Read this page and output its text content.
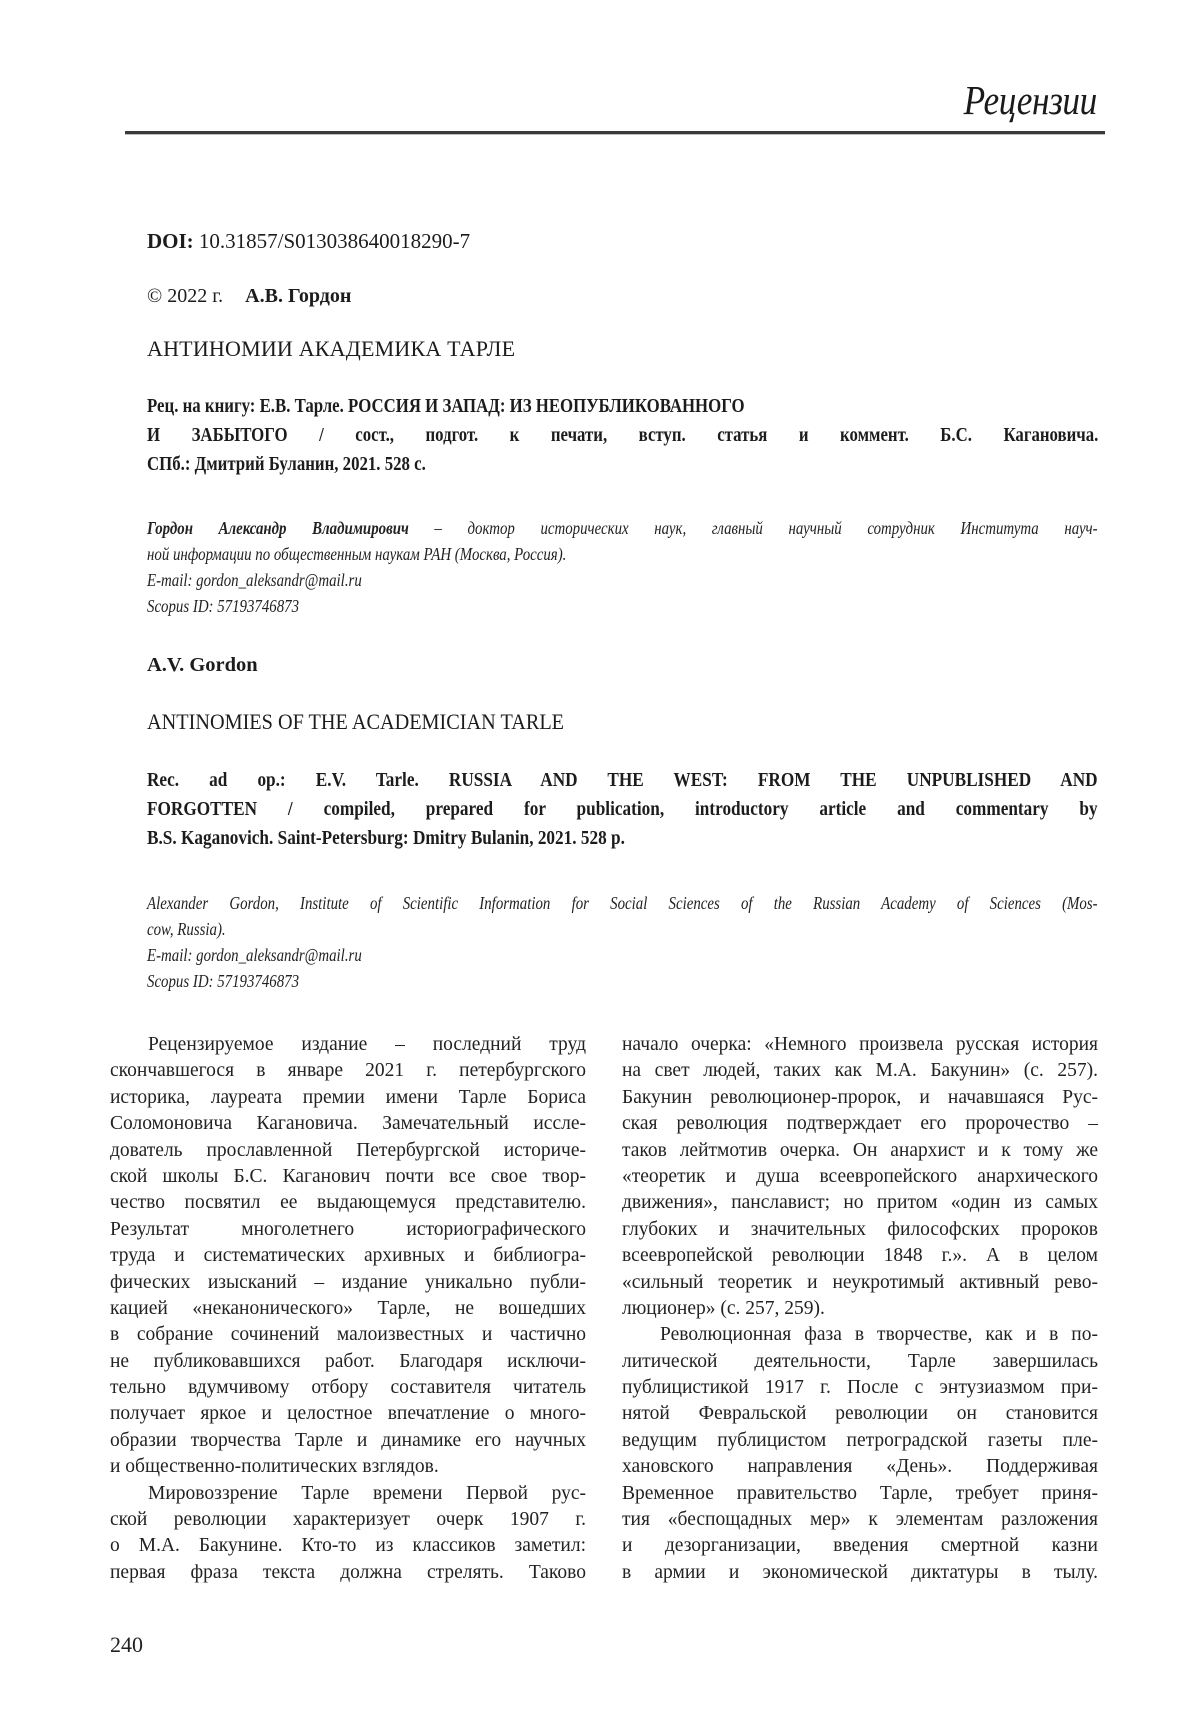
Рецензии
DOI: 10.31857/S013038640018290-7
© 2022 г. А.В. Гордон
АНТИНОМИИ АКАДЕМИКА ТАРЛЕ
Рец. на книгу: Е.В. Тарле. РОССИЯ И ЗАПАД: ИЗ НЕОПУБЛИКОВАННОГО
И ЗАБЫТОГО / сост., подгот. к печати, вступ. статья и коммент. Б.С. Кагановича.
СПб.: Дмитрий Буланин, 2021. 528 с.
Гордон Александр Владимирович – доктор исторических наук, главный научный сотрудник Института науч-
ной информации по общественным наукам РАН (Москва, Россия).
E-mail: gordon_aleksandr@mail.ru
Scopus ID: 57193746873
A.V. Gordon
ANTINOMIES OF THE ACADEMICIAN TARLE
Rec. ad op.: E.V. Tarle. RUSSIA AND THE WEST: FROM THE UNPUBLISHED AND
FORGOTTEN / compiled, prepared for publication, introductory article and commentary by
B.S. Kaganovich. Saint-Petersburg: Dmitry Bulanin, 2021. 528 p.
Alexander Gordon, Institute of Scientific Information for Social Sciences of the Russian Academy of Sciences (Mos-
cow, Russia).
E-mail: gordon_aleksandr@mail.ru
Scopus ID: 57193746873
Рецензируемое издание – последний труд
скончавшегося в январе 2021 г. петербургского
историка, лауреата премии имени Тарле Бориса
Соломоновича Кагановича. Замечательный иссле-
дователь прославленной Петербургской историче-
ской школы Б.С. Каганович почти все свое твор-
чество посвятил ее выдающемуся представителю.
Результат многолетнего историографического
труда и систематических архивных и библиогра-
фических изысканий – издание уникально публи-
кацией «неканонического» Тарле, не вошедших
в собрание сочинений малоизвестных и частично
не публиковавшихся работ. Благодаря исключи-
тельно вдумчивому отбору составителя читатель
получает яркое и целостное впечатление о много-
образии творчества Тарле и динамике его научных
и общественно-политических взглядов.
Мировоззрение Тарле времени Первой рус-
ской революции характеризует очерк 1907 г.
о М.А. Бакунине. Кто-то из классиков заметил:
первая фраза текста должна стрелять. Таково
начало очерка: «Немного произвела русская история
на свет людей, таких как М.А. Бакунин» (с. 257).
Бакунин революционер-пророк, и начавшаяся Рус-
ская революция подтверждает его пророчество –
таков лейтмотив очерка. Он анархист и к тому же
«теоретик и душа всеевропейского анархического
движения», панславист; но притом «один из самых
глубоких и значительных философских пророков
всеевропейской революции 1848 г.». А в целом
«сильный теоретик и неукротимый активный рево-
люционер» (с. 257, 259).
Революционная фаза в творчестве, как и в по-
литической деятельности, Тарле завершилась
публицистикой 1917 г. После с энтузиазмом при-
нятой Февральской революции он становится
ведущим публицистом петроградской газеты пле-
хановского направления «День». Поддерживая
Временное правительство Тарле, требует приня-
тия «беспощадных мер» к элементам разложения
и дезорганизации, введения смертной казни
в армии и экономической диктатуры в тылу.
240
